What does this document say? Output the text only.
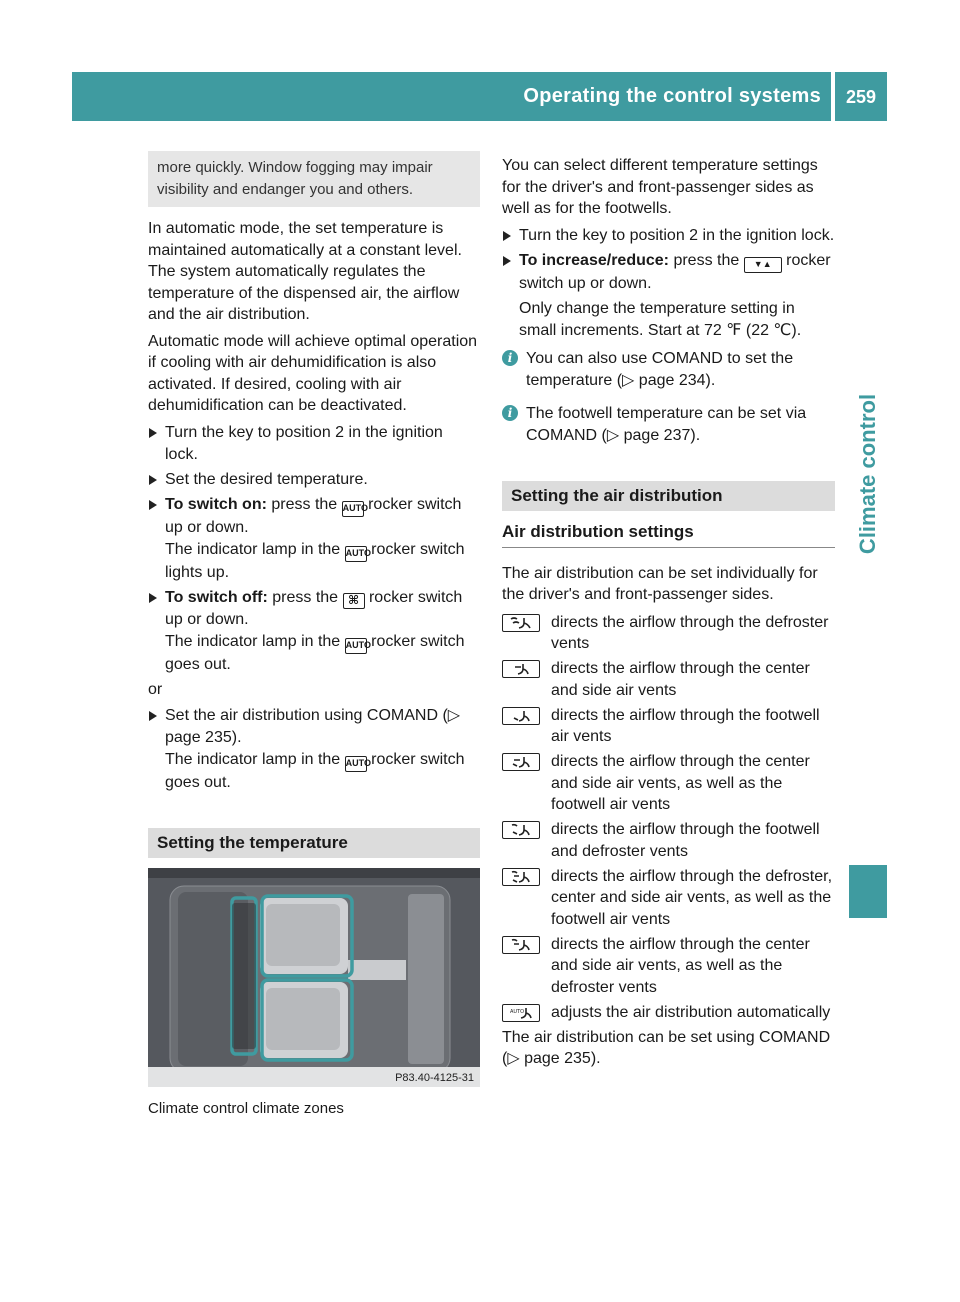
Operating the control systems	259
Climate control
more quickly. Window fogging may impair visibility and endanger you and others.

In automatic mode, the set temperature is maintained automatically at a constant level. The system automatically regulates the temperature of the dispensed air, the airflow and the air distribution.

Automatic mode will achieve optimal operation if cooling with air dehumidification is also activated. If desired, cooling with air dehumidification can be deactivated.

Turn the key to position 2 in the ignition lock.
Set the desired temperature.
To switch on: press the AUTO rocker switch up or down.
The indicator lamp in the AUTO rocker switch lights up.
To switch off: press the ⌘ rocker switch up or down.
The indicator lamp in the AUTO rocker switch goes out.

or

Set the air distribution using COMAND (▷ page 235).
The indicator lamp in the AUTO rocker switch goes out.
Setting the temperature
P83.40-4125-31
Climate control climate zones

You can select different temperature settings for the driver's and front-passenger sides as well as for the footwells.

Turn the key to position 2 in the ignition lock.
To increase/reduce: press the ▼▲ rocker switch up or down.
Only change the temperature setting in small increments. Start at 72 ℉ (22 ℃).
i You can also use COMAND to set the temperature (▷ page 234).
i The footwell temperature can be set via COMAND (▷ page 237).
Setting the air distribution
Air distribution settings

The air distribution can be set individually for the driver's and front-passenger sides.

directs the airflow through the defroster vents
directs the airflow through the center and side air vents
directs the airflow through the footwell air vents
directs the airflow through the center and side air vents, as well as the footwell air vents
directs the airflow through the footwell and defroster vents
directs the airflow through the defroster, center and side air vents, as well as the footwell air vents
directs the airflow through the center and side air vents, as well as the defroster vents
AUTO adjusts the air distribution automatically

The air distribution can be set using COMAND (▷ page 235).
